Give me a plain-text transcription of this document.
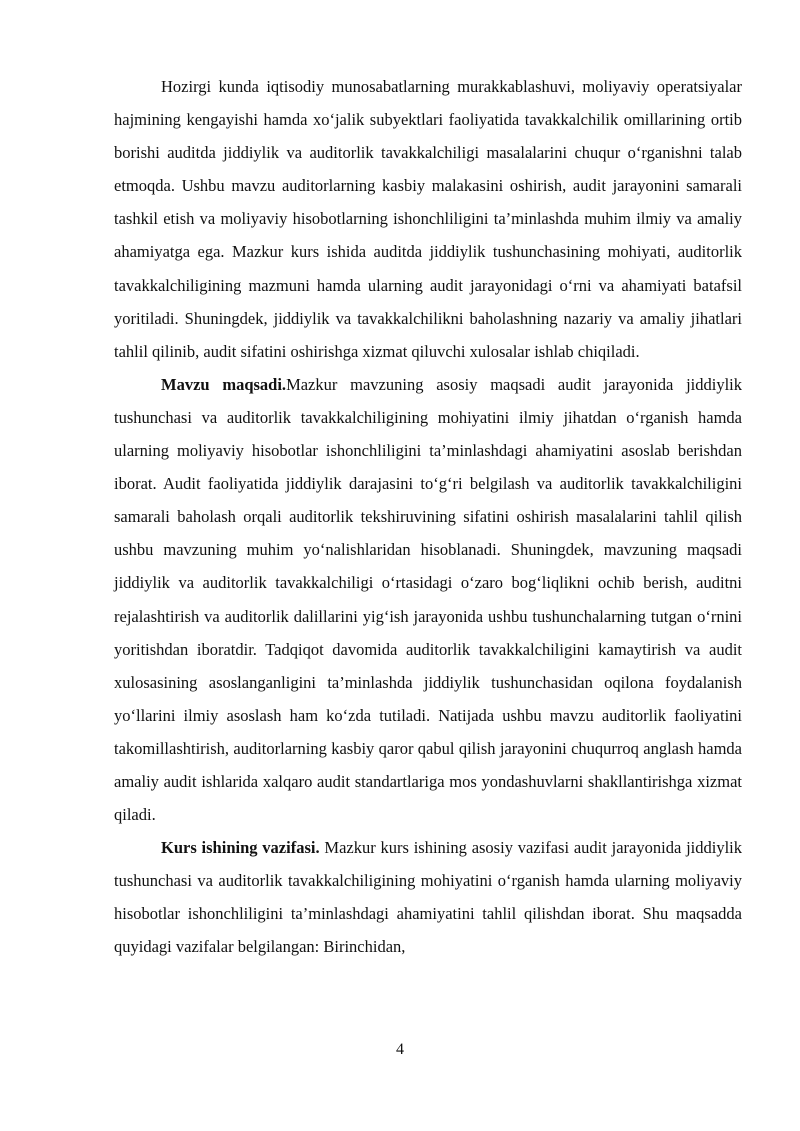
Hozirgi kunda iqtisodiy munosabatlarning murakkablashuvi, moliyaviy operatsiyalar hajmining kengayishi hamda xo‘jalik subyektlari faoliyatida tavakkalchilik omillarining ortib borishi auditda jiddiylik va auditorlik tavakkalchiligi masalalarini chuqur o‘rganishni talab etmoqda. Ushbu mavzu auditorlarning kasbiy malakasini oshirish, audit jarayonini samarali tashkil etish va moliyaviy hisobotlarning ishonchliligini ta’minlashda muhim ilmiy va amaliy ahamiyatga ega. Mazkur kurs ishida auditda jiddiylik tushunchasining mohiyati, auditorlik tavakkalchiligining mazmuni hamda ularning audit jarayonidagi o‘rni va ahamiyati batafsil yoritiladi. Shuningdek, jiddiylik va tavakkalchilikni baholashning nazariy va amaliy jihatlari tahlil qilinib, audit sifatini oshirishga xizmat qiluvchi xulosalar ishlab chiqiladi.

Mavzu maqsadi.Mazkur mavzuning asosiy maqsadi audit jarayonida jiddiylik tushunchasi va auditorlik tavakkalchiligining mohiyatini ilmiy jihatdan o‘rganish hamda ularning moliyaviy hisobotlar ishonchliligini ta’minlashdagi ahamiyatini asoslab berishdan iborat. Audit faoliyatida jiddiylik darajasini to‘g‘ri belgilash va auditorlik tavakkalchiligini samarali baholash orqali auditorlik tekshiruvining sifatini oshirish masalalarini tahlil qilish ushbu mavzuning muhim yo‘nalishlaridan hisoblanadi. Shuningdek, mavzuning maqsadi jiddiylik va auditorlik tavakkalchiligi o‘rtasidagi o‘zaro bog‘liqlikni ochib berish, auditni rejalashtirish va auditorlik dalillarini yig‘ish jarayonida ushbu tushunchalarning tutgan o‘rnini yoritishdan iboratdir. Tadqiqot davomida auditorlik tavakkalchiligini kamaytirish va audit xulosasining asoslanganligini ta’minlashda jiddiylik tushunchasidan oqilona foydalanish yo‘llarini ilmiy asoslash ham ko‘zda tutiladi. Natijada ushbu mavzu auditorlik faoliyatini takomillashtirish, auditorlarning kasbiy qaror qabul qilish jarayonini chuqurroq anglash hamda amaliy audit ishlarida xalqaro audit standartlariga mos yondashuvlarni shakllantirishga xizmat qiladi.

Kurs ishining vazifasi. Mazkur kurs ishining asosiy vazifasi audit jarayonida jiddiylik tushunchasi va auditorlik tavakkalchiligining mohiyatini o‘rganish hamda ularning moliyaviy hisobotlar ishonchliligini ta’minlashdagi ahamiyatini tahlil qilishdan iborat. Shu maqsadda quyidagi vazifalar belgilangan: Birinchidan,

4
